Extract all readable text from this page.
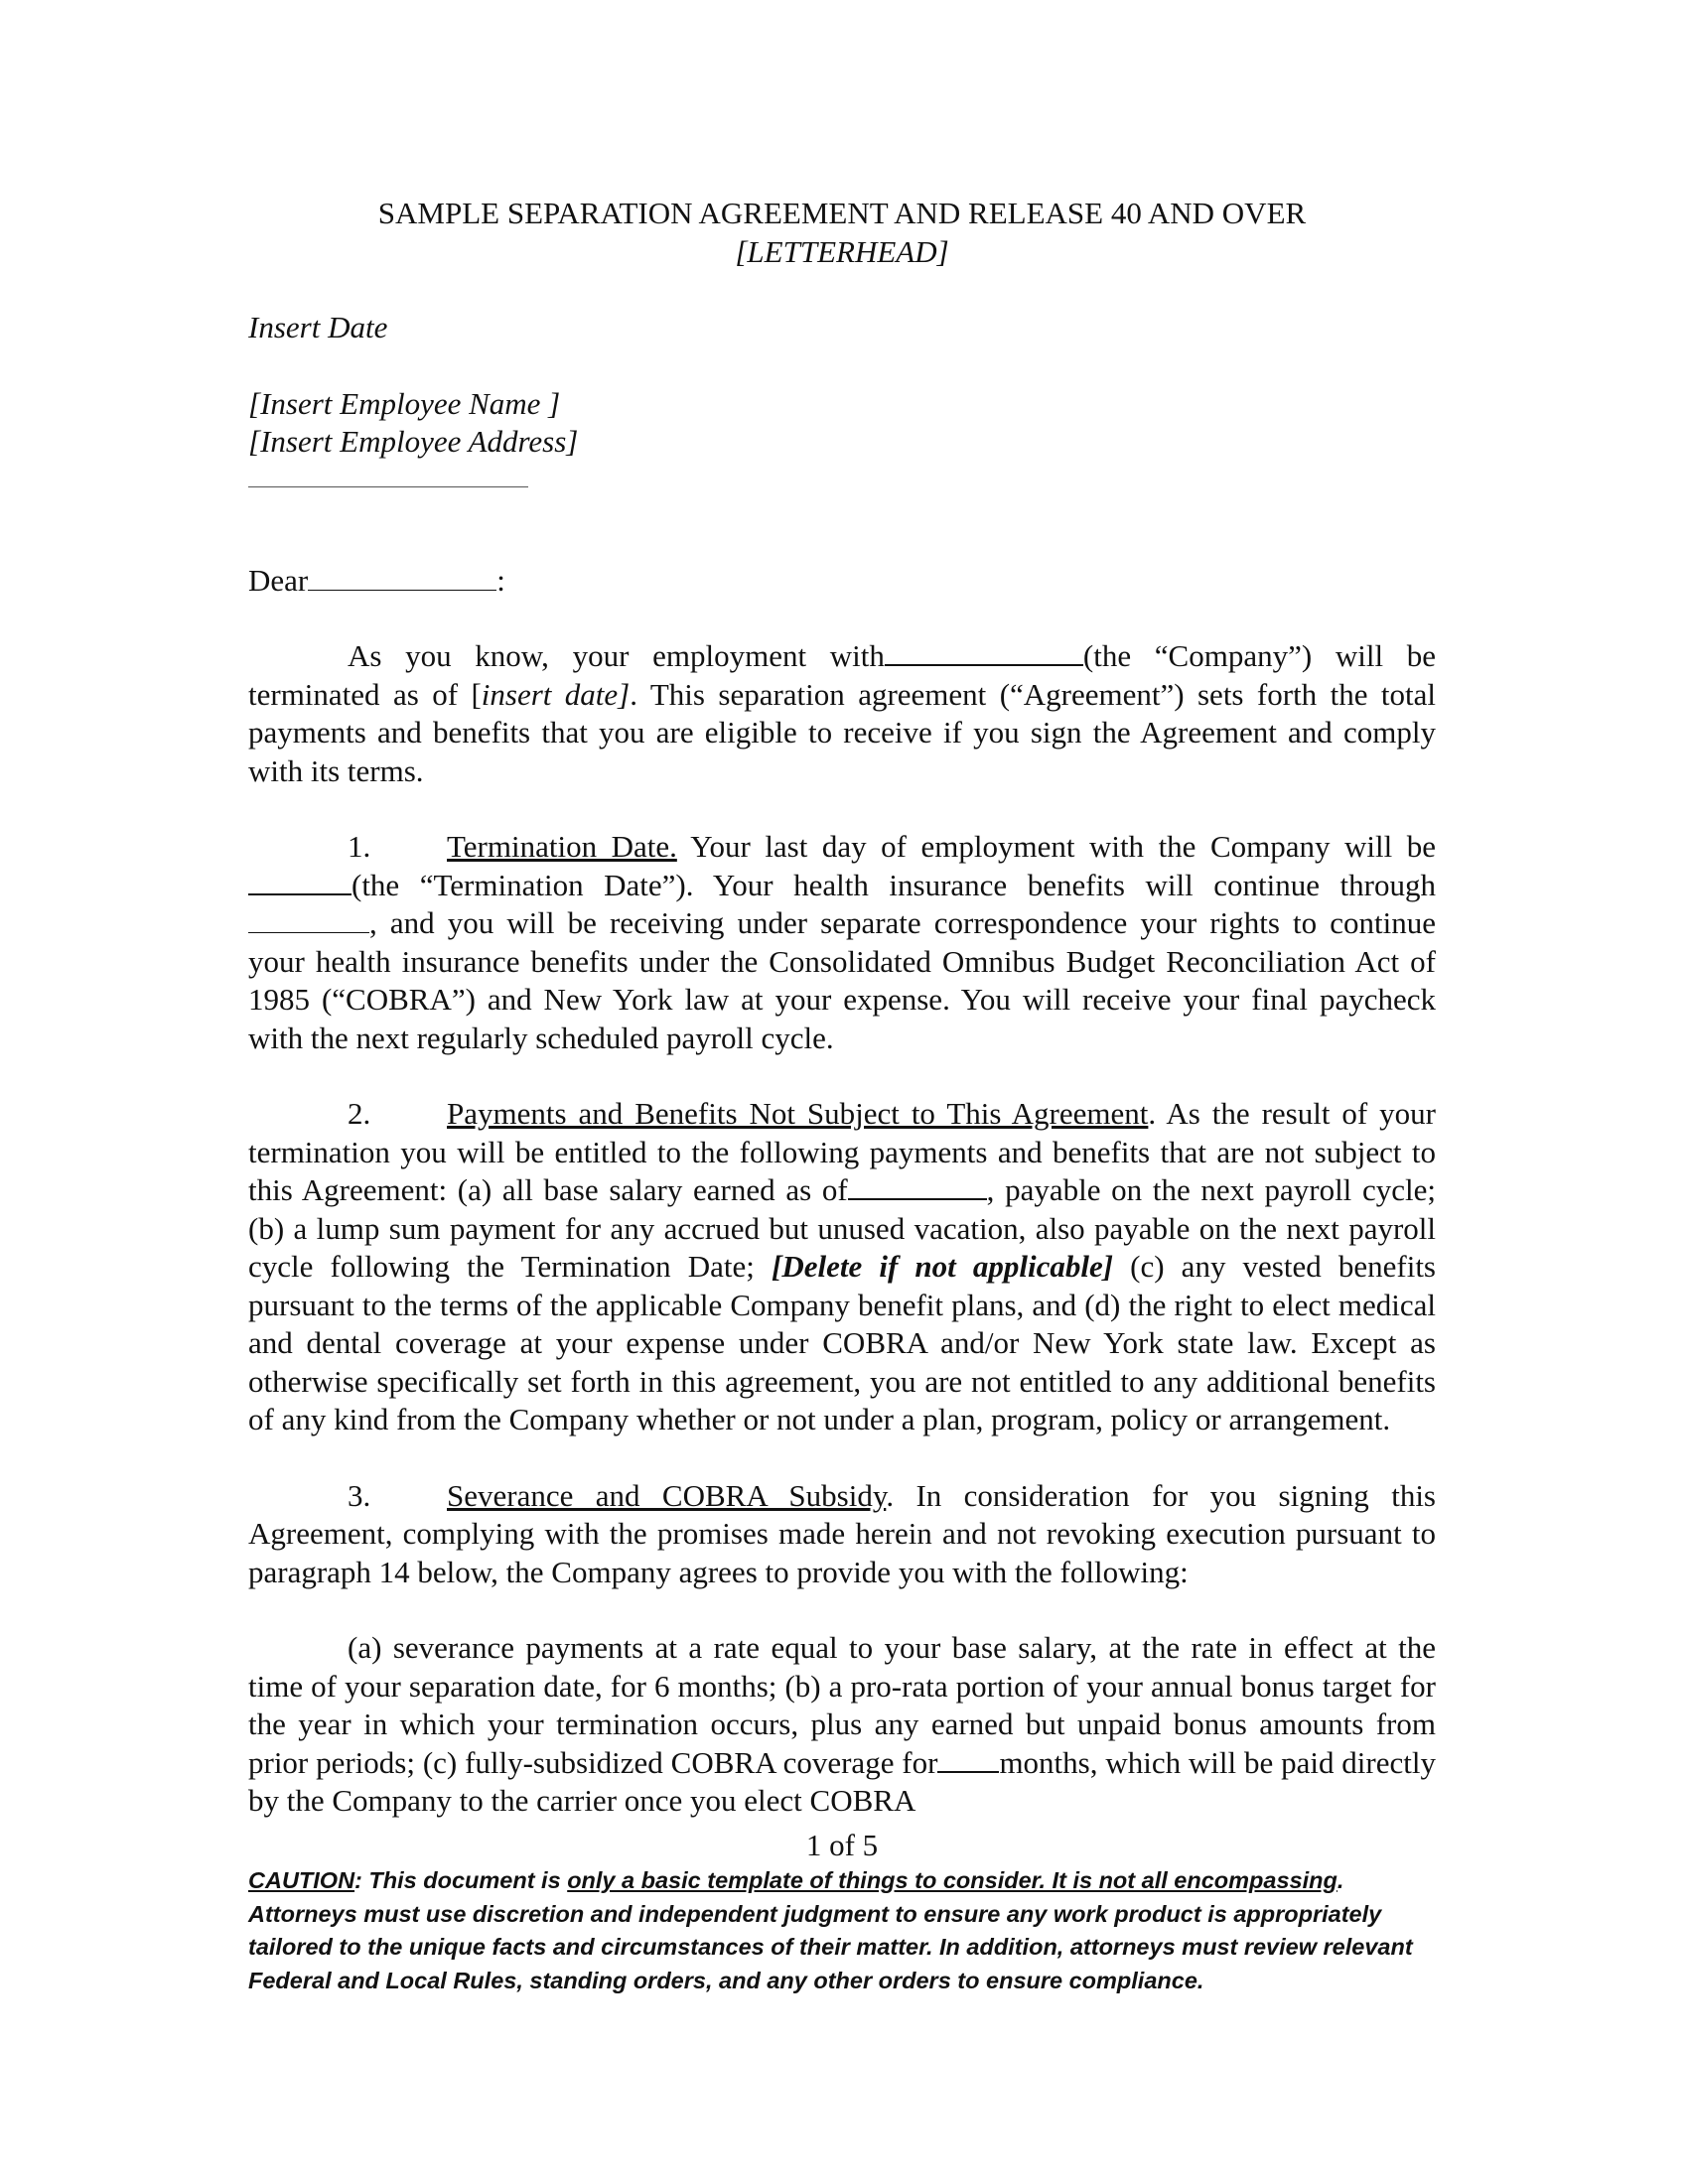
SAMPLE SEPARATION AGREEMENT AND RELEASE 40 AND OVER
[LETTERHEAD]
Insert Date
[Insert Employee Name ]
[Insert Employee Address]
Dear	:

As you know, your employment with	(the “Company”) will be terminated as of [insert date]. This separation agreement (“Agreement”) sets forth the total payments and benefits that you are eligible to receive if you sign the Agreement and comply with its terms.

1. Termination Date. Your last day of employment with the Company will be(the “Termination Date”). Your health insurance benefits will continue through, and you will be receiving under separate correspondence your rights to continue your health insurance benefits under the Consolidated Omnibus Budget Reconciliation Act of 1985 (“COBRA”) and New York law at your expense. You will receive your final paycheck with the next regularly scheduled payroll cycle.

2. Payments and Benefits Not Subject to This Agreement. As the result of your termination you will be entitled to the following payments and benefits that are not subject to this Agreement: (a) all base salary earned as of	, payable on the next payroll cycle; (b) a lump sum payment for any accrued but unused vacation, also payable on the next payroll cycle following the Termination Date; [Delete if not applicable] (c) any vested benefits pursuant to the terms of the applicable Company benefit plans, and (d) the right to elect medical and dental coverage at your expense under COBRA and/or New York state law. Except as otherwise specifically set forth in this agreement, you are not entitled to any additional benefits of any kind from the Company whether or not under a plan, program, policy or arrangement.

3. Severance and COBRA Subsidy. In consideration for you signing this Agreement, complying with the promises made herein and not revoking execution pursuant to paragraph 14 below, the Company agrees to provide you with the following:

(a) severance payments at a rate equal to your base salary, at the rate in effect at the time of your separation date, for 6 months; (b) a pro-rata portion of your annual bonus target for the year in which your termination occurs, plus any earned but unpaid bonus amounts from prior periods; (c) fully-subsidized COBRA coverage for months, which will be paid directly by the Company to the carrier once you elect COBRA

1 of 5
CAUTION: This document is only a basic template of things to consider. It is not all encompassing. Attorneys must use discretion and independent judgment to ensure any work product is appropriately tailored to the unique facts and circumstances of their matter. In addition, attorneys must review relevant Federal and Local Rules, standing orders, and any other orders to ensure compliance.
